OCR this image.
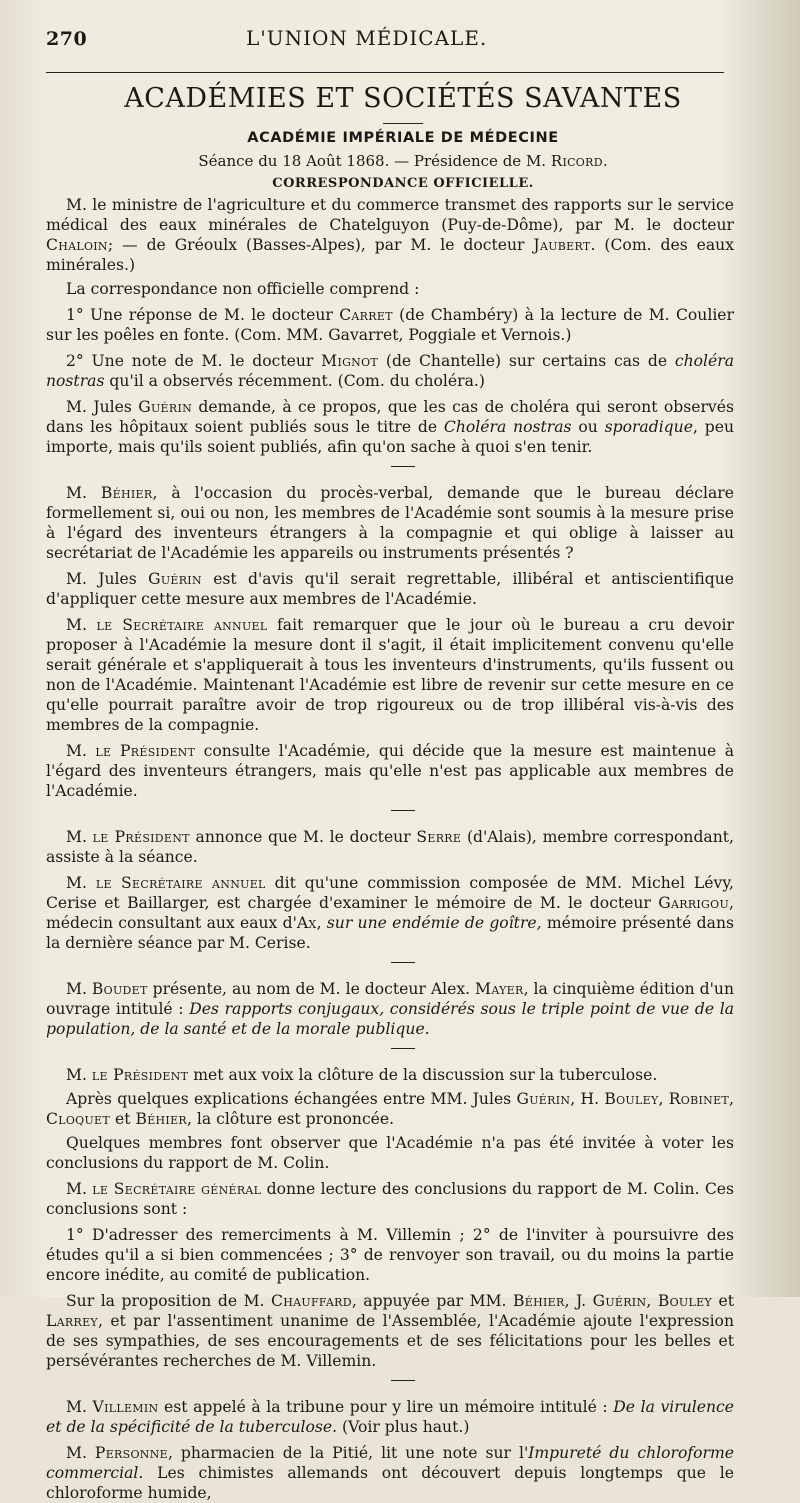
270	L'UNION MÉDICALE.
ACADÉMIES ET SOCIÉTÉS SAVANTES
ACADÉMIE IMPÉRIALE DE MÉDECINE
Séance du 18 Août 1868. — Présidence de M. Ricord.
CORRESPONDANCE OFFICIELLE.

M. le ministre de l'agriculture et du commerce transmet des rapports sur le service médical des eaux minérales de Chatelguyon (Puy-de-Dôme), par M. le docteur Chaloin; — de Gréoulx (Basses-Alpes), par M. le docteur Jaubert. (Com. des eaux minérales.)

La correspondance non officielle comprend :

1° Une réponse de M. le docteur Carret (de Chambéry) à la lecture de M. Coulier sur les poêles en fonte. (Com. MM. Gavarret, Poggiale et Vernois.)

2° Une note de M. le docteur Mignot (de Chantelle) sur certains cas de choléra nostras qu'il a observés récemment. (Com. du choléra.)

M. Jules Guérin demande, à ce propos, que les cas de choléra qui seront observés dans les hôpitaux soient publiés sous le titre de Choléra nostras ou sporadique, peu importe, mais qu'ils soient publiés, afin qu'on sache à quoi s'en tenir.

M. Béhier, à l'occasion du procès-verbal, demande que le bureau déclare formellement si, oui ou non, les membres de l'Académie sont soumis à la mesure prise à l'égard des inventeurs étrangers à la compagnie et qui oblige à laisser au secrétariat de l'Académie les appareils ou instruments présentés ?

M. Jules Guérin est d'avis qu'il serait regrettable, illibéral et antiscientifique d'appliquer cette mesure aux membres de l'Académie.

M. le Secrétaire annuel fait remarquer que le jour où le bureau a cru devoir proposer à l'Académie la mesure dont il s'agit, il était implicitement convenu qu'elle serait générale et s'appliquerait à tous les inventeurs d'instruments, qu'ils fussent ou non de l'Académie. Maintenant l'Académie est libre de revenir sur cette mesure en ce qu'elle pourrait paraître avoir de trop rigoureux ou de trop illibéral vis-à-vis des membres de la compagnie.

M. le Président consulte l'Académie, qui décide que la mesure est maintenue à l'égard des inventeurs étrangers, mais qu'elle n'est pas applicable aux membres de l'Académie.

M. le Président annonce que M. le docteur Serre (d'Alais), membre correspondant, assiste à la séance.

M. le Secrétaire annuel dit qu'une commission composée de MM. Michel Lévy, Cerise et Baillarger, est chargée d'examiner le mémoire de M. le docteur Garrigou, médecin consultant aux eaux d'Ax, sur une endémie de goître, mémoire présenté dans la dernière séance par M. Cerise.

M. Boudet présente, au nom de M. le docteur Alex. Mayer, la cinquième édition d'un ouvrage intitulé : Des rapports conjugaux, considérés sous le triple point de vue de la population, de la santé et de la morale publique.

M. le Président met aux voix la clôture de la discussion sur la tuberculose.

Après quelques explications échangées entre MM. Jules Guérin, H. Bouley, Robinet, Cloquet et Béhier, la clôture est prononcée.

Quelques membres font observer que l'Académie n'a pas été invitée à voter les conclusions du rapport de M. Colin.

M. le Secrétaire général donne lecture des conclusions du rapport de M. Colin. Ces conclusions sont :

1° D'adresser des remerciments à M. Villemin ; 2° de l'inviter à poursuivre des études qu'il a si bien commencées ; 3° de renvoyer son travail, ou du moins la partie encore inédite, au comité de publication.

Sur la proposition de M. Chauffard, appuyée par MM. Béhier, J. Guérin, Bouley et Larrey, et par l'assentiment unanime de l'Assemblée, l'Académie ajoute l'expression de ses sympathies, de ses encouragements et de ses félicitations pour les belles et persévérantes recherches de M. Villemin.

M. Villemin est appelé à la tribune pour y lire un mémoire intitulé : De la virulence et de la spécificité de la tuberculose. (Voir plus haut.)

M. Personne, pharmacien de la Pitié, lit une note sur l'Impureté du chloroforme commercial. Les chimistes allemands ont découvert depuis longtemps que le chloroforme humide,
